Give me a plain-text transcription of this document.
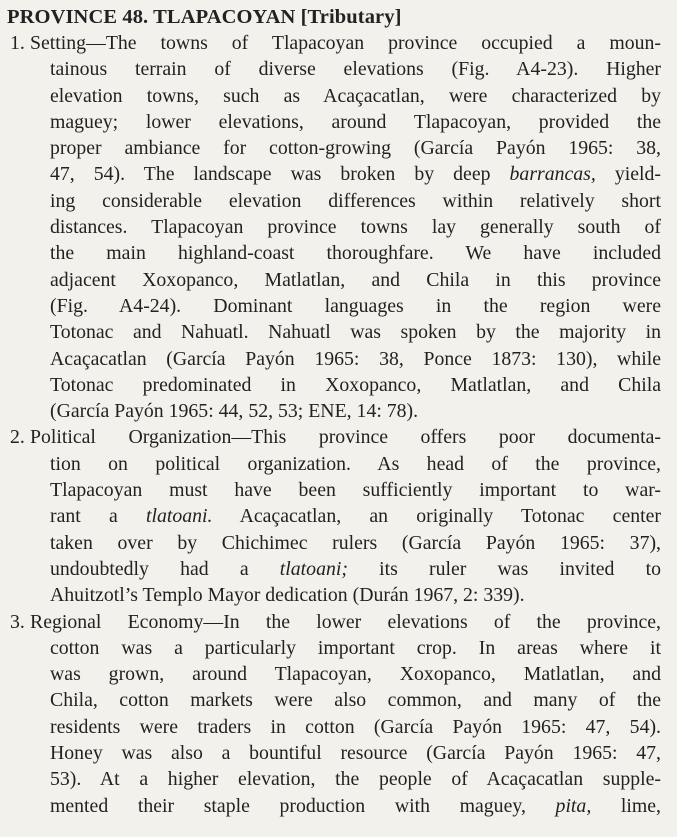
PROVINCE 48. TLAPACOYAN [Tributary]
1. Setting—The towns of Tlapacoyan province occupied a moun-
tainous terrain of diverse elevations (Fig. A4-23). Higher
elevation towns, such as Acaçacatlan, were characterized by
maguey; lower elevations, around Tlapacoyan, provided the
proper ambiance for cotton-growing (García Payón 1965: 38,
47, 54). The landscape was broken by deep barrancas, yield-
ing considerable elevation differences within relatively short
distances. Tlapacoyan province towns lay generally south of
the main highland-coast thoroughfare. We have included
adjacent Xoxopanco, Matlatlan, and Chila in this province
(Fig. A4-24). Dominant languages in the region were
Totonac and Nahuatl. Nahuatl was spoken by the majority in
Acaçacatlan (García Payón 1965: 38, Ponce 1873: 130), while
Totonac predominated in Xoxopanco, Matlatlan, and Chila
(García Payón 1965: 44, 52, 53; ENE, 14: 78).
2. Political Organization—This province offers poor documenta-
tion on political organization. As head of the province,
Tlapacoyan must have been sufficiently important to war-
rant a tlatoani. Acaçacatlan, an originally Totonac center
taken over by Chichimec rulers (García Payón 1965: 37),
undoubtedly had a tlatoani; its ruler was invited to
Ahuitzotl’s Templo Mayor dedication (Durán 1967, 2: 339).
3. Regional Economy—In the lower elevations of the province,
cotton was a particularly important crop. In areas where it
was grown, around Tlapacoyan, Xoxopanco, Matlatlan, and
Chila, cotton markets were also common, and many of the
residents were traders in cotton (García Payón 1965: 47, 54).
Honey was also a bountiful resource (García Payón 1965: 47,
53). At a higher elevation, the people of Acaçacatlan supple-
mented their staple production with maguey, pita, lime,
